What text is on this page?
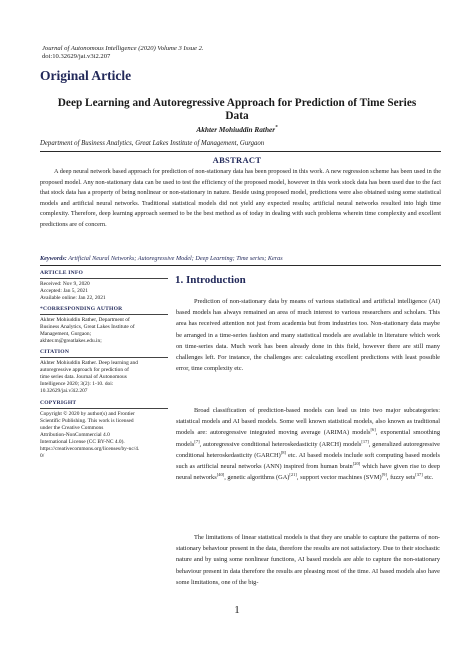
Journal of Autonomous Intelligence (2020) Volume 3 Issue 2.
doi:10.32629/jai.v3i2.207
Original Article
Deep Learning and Autoregressive Approach for Prediction of Time Series Data
Akhter Mohiuddin Rather*
Department of Business Analytics, Great Lakes Institute of Management, Gurgaon
ABSTRACT

A deep neural network based approach for prediction of non-stationary data has been proposed in this work. A new regression scheme has been used in the proposed model. Any non-stationary data can be used to test the efficiency of the proposed model, however in this work stock data has been used due to the fact that stock data has a property of being nonlinear or non-stationary in nature. Beside using proposed model, predictions were also obtained using some statistical models and artificial neural networks. Traditional statistical models did not yield any expected results; artificial neural networks resulted into high time complexity. Therefore, deep learning approach seemed to be the best method as of today in dealing with such problems wherein time complexity and excellent predictions are of concern.

Keywords: Artificial Neural Networks; Autoregressive Model; Deep Learning; Time series; Keras
ARTICLE INFO
Received: Nov 9, 2020
Accepted: Jan 5, 2021
Available online: Jan 22, 2021
*CORRESPONDING AUTHOR
Akhter Mohiuddin Rather, Department of
Business Analytics, Great Lakes Institute of
Management, Gurgaon;
akhter.m@greatlakes.edu.in;
CITATION
Akhter Mohiuddin Rather. Deep learning and
autoregressive approach for prediction of
time series data. Journal of Autonomous
Intelligence 2020; 3(2): 1-10. doi:
10.32629/jai.v3i2.207
COPYRIGHT
Copyright © 2020 by author(s) and Frontier
Scientific Publishing. This work is licensed
under the Creative Commons
Attribution-NonCommercial 4.0
International License (CC BY-NC 4.0).
https://creativecommons.org/licenses/by-nc/4.
0/
1. Introduction

Prediction of non-stationary data by means of various statistical and artificial intelligence (AI) based models has always remained an area of much interest to various researchers and scholars. This area has received attention not just from academia but from industries too. Non-stationary data maybe be arranged in a time-series fashion and many statistical models are available in literature which work on time-series data. Much work has been already done in this field, however there are still many challenges left. For instance, the challenges are: calculating excellent predictions with least possible error, time complexity etc.

Broad classification of prediction-based models can lead us into two major subcategories: statistical models and AI based models. Some well known statistical models, also known as traditional models are: autoregressive integrated moving average (ARIMA) models[6], exponential smoothing models[7], autoregressive conditional heteroskedasticity (ARCH) models[17], generalized autoregressive conditional heteroskedasticity (GARCH)[8] etc. AI based models include soft computing based models such as artificial neural networks (ANN) inspired from human brain[20] which have given rise to deep neural networks[40], genetic algorithms (GA)[21], support vector machines (SVM)[9], fuzzy sets[37] etc.

The limitations of linear statistical models is that they are unable to capture the patterns of non-stationary behaviour present in the data, therefore the results are not satisfactory. Due to their stochastic nature and by using some nonlinear functions, AI based models are able to capture the non-stationary behaviour present in data therefore the results are pleasing most of the time. AI based models also have some limitations, one of the big-

1
